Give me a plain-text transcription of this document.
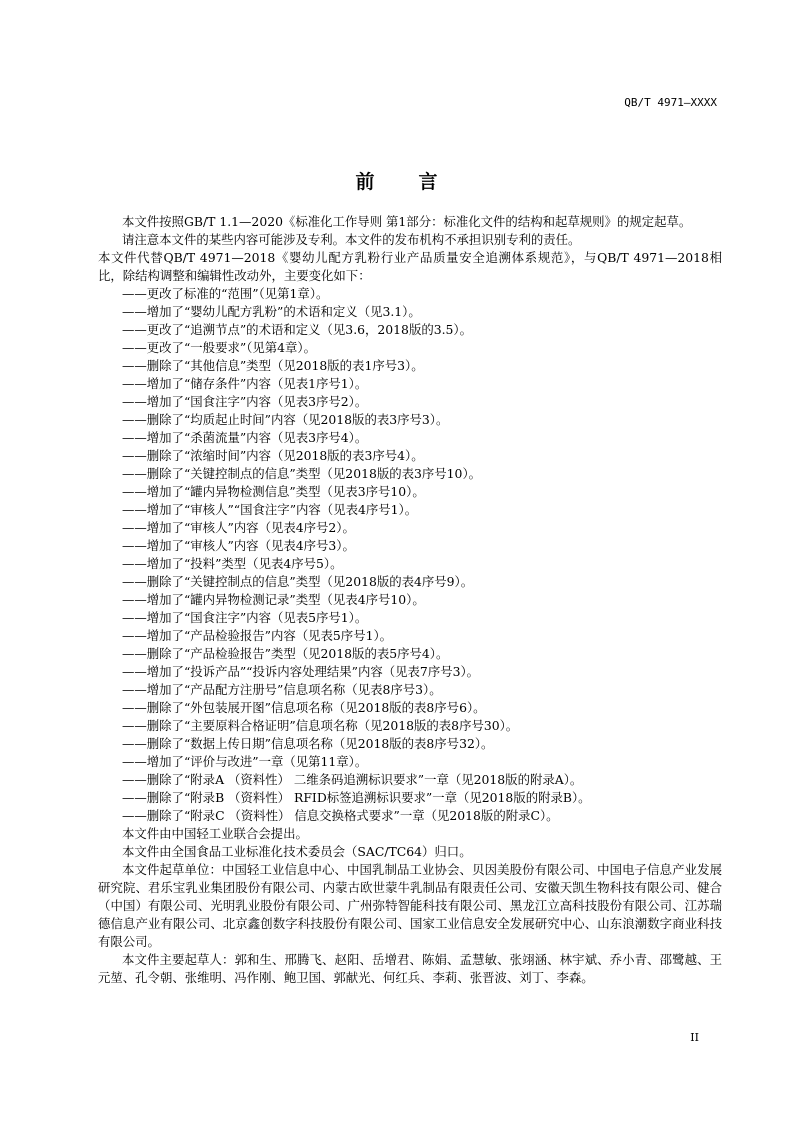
QB/T 4971—XXXX
前言

本文件按照GB/T 1.1—2020《标准化工作导则 第1部分：标准化文件的结构和起草规则》的规定起草。

请注意本文件的某些内容可能涉及专利。本文件的发布机构不承担识别专利的责任。

本文件代替QB/T 4971—2018《婴幼儿配方乳粉行业产品质量安全追溯体系规范》，与QB/T 4971—2018相比，除结构调整和编辑性改动外，主要变化如下：

——更改了标准的“范围”（见第1章）。

——增加了“婴幼儿配方乳粉”的术语和定义（见3.1）。

——更改了“追溯节点”的术语和定义（见3.6，2018版的3.5）。

——更改了“一般要求”（见第4章）。

——删除了“其他信息”类型（见2018版的表1序号3）。

——增加了“储存条件”内容（见表1序号1）。

——增加了“国食注字”内容（见表3序号2）。

——删除了“均质起止时间”内容（见2018版的表3序号3）。

——增加了“杀菌流量”内容（见表3序号4）。

——删除了“浓缩时间”内容（见2018版的表3序号4）。

——删除了“关键控制点的信息”类型（见2018版的表3序号10）。

——增加了“罐内异物检测信息”类型（见表3序号10）。

——增加了“审核人”“国食注字”内容（见表4序号1）。

——增加了“审核人”内容（见表4序号2）。

——增加了“审核人”内容（见表4序号3）。

——增加了“投料”类型（见表4序号5）。

——删除了“关键控制点的信息”类型（见2018版的表4序号9）。

——增加了“罐内异物检测记录”类型（见表4序号10）。

——增加了“国食注字”内容（见表5序号1）。

——增加了“产品检验报告”内容（见表5序号1）。

——删除了“产品检验报告”类型（见2018版的表5序号4）。

——增加了“投诉产品”“投诉内容处理结果”内容（见表7序号3）。

——增加了“产品配方注册号”信息项名称（见表8序号3）。

——删除了“外包装展开图”信息项名称（见2018版的表8序号6）。

——删除了“主要原料合格证明”信息项名称（见2018版的表8序号30）。

——删除了“数据上传日期”信息项名称（见2018版的表8序号32）。

——增加了“评价与改进”一章（见第11章）。

——删除了“附录A （资料性） 二维条码追溯标识要求”一章（见2018版的附录A）。

——删除了“附录B （资料性） RFID标签追溯标识要求”一章（见2018版的附录B）。

——删除了“附录C （资料性） 信息交换格式要求”一章（见2018版的附录C）。

本文件由中国轻工业联合会提出。

本文件由全国食品工业标准化技术委员会（SAC/TC64）归口。

本文件起草单位：中国轻工业信息中心、中国乳制品工业协会、贝因美股份有限公司、中国电子信息产业发展研究院、君乐宝乳业集团股份有限公司、内蒙古欧世蒙牛乳制品有限责任公司、安徽天凯生物科技有限公司、健合（中国）有限公司、光明乳业股份有限公司、广州弥特智能科技有限公司、黑龙江立高科技股份有限公司、江苏瑞德信息产业有限公司、北京鑫创数字科技股份有限公司、国家工业信息安全发展研究中心、山东浪潮数字商业科技有限公司。

本文件主要起草人：郭和生、邢腾飞、赵阳、岳增君、陈娟、孟慧敏、张翊涵、林宇斌、乔小青、邵鹭越、王元堃、孔令朝、张维明、冯作刚、鲍卫国、郭献光、何红兵、李莉、张晋波、刘丁、李森。

II
